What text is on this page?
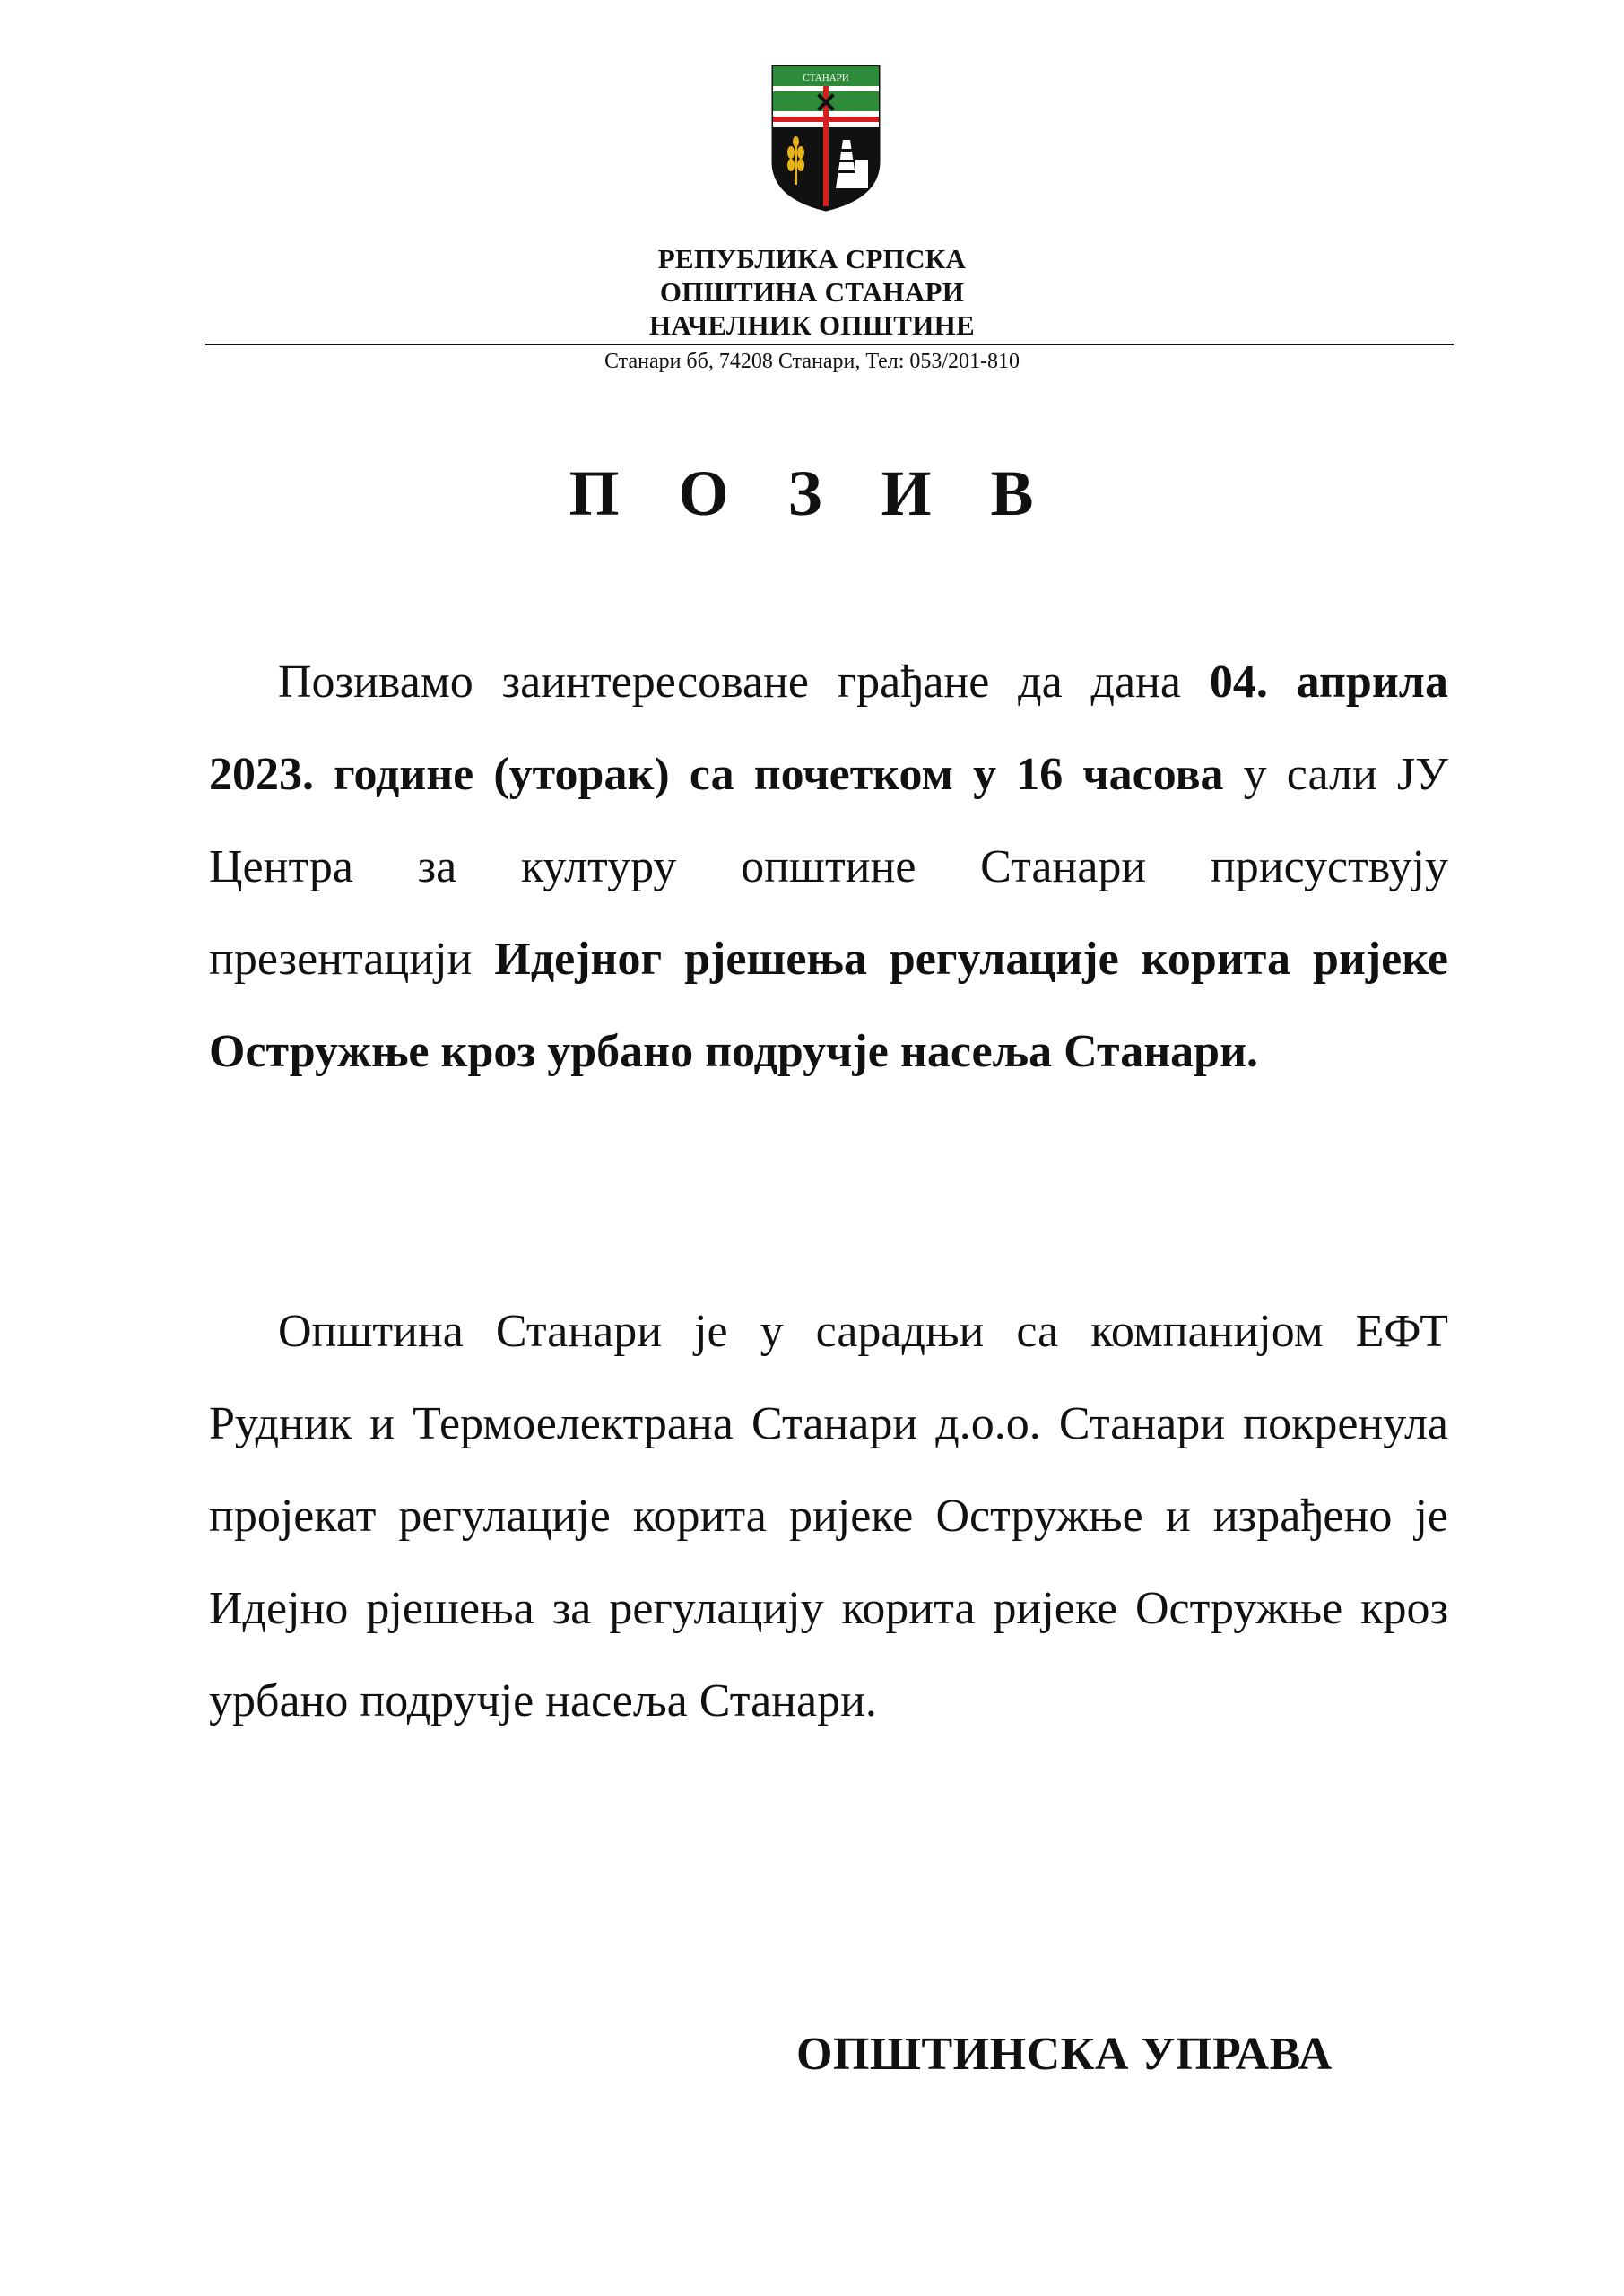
СТАНАРИ
РЕПУБЛИКА СРПСКА
ОПШТИНА СТАНАРИ
НАЧЕЛНИК ОПШТИНЕ
Станари бб, 74208 Станари, Тел: 053/201-810
П О З И В

Позивамо заинтересоване грађане да дана 04. априла 2023. године (уторак) са почетком у 16 часова у сали ЈУ Центра за културу општине Станари присуствују презентацији Идејног рјешења регулације корита ријеке Остружње кроз урбано подручје насеља Станари.

Општина Станари је у сарадњи са компанијом ЕФТ Рудник и Термоелектрана Станари д.о.о. Станари покренула пројекат регулације корита ријеке Остружње и израђено је Идејно рјешења за регулацију корита ријеке Остружње кроз урбано подручје насеља Станари.

ОПШТИНСКА УПРАВА
